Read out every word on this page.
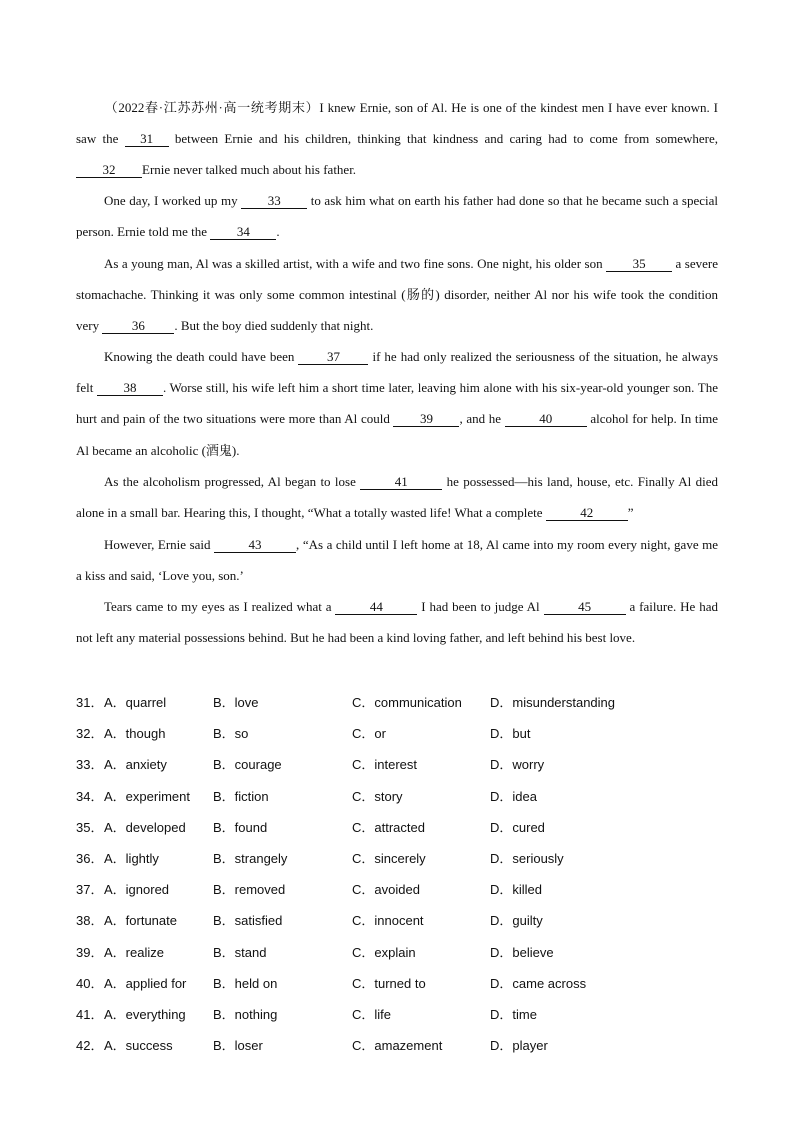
（2022春·江苏苏州·高一统考期末）I knew Ernie, son of Al. He is one of the kindest men I have ever known. I saw the 31 between Ernie and his children, thinking that kindness and caring had to come from somewhere, 32 Ernie never talked much about his father.

One day, I worked up my 33 to ask him what on earth his father had done so that he became such a special person. Ernie told me the 34 .

As a young man, Al was a skilled artist, with a wife and two fine sons. One night, his older son 35 a severe stomachache. Thinking it was only some common intestinal (肠的) disorder, neither Al nor his wife took the condition very 36 . But the boy died suddenly that night.

Knowing the death could have been 37 if he had only realized the seriousness of the situation, he always felt 38 . Worse still, his wife left him a short time later, leaving him alone with his six-year-old younger son. The hurt and pain of the two situations were more than Al could 39 , and he	40	alcohol for help. In time Al became an alcoholic (酒鬼).

As the alcoholism progressed, Al began to lose	41	he possessed—his land, house, etc. Finally Al died alone in a small bar. Hearing this, I thought, “What a totally wasted life! What a complete	42	”

However, Ernie said	43	, “As a child until I left home at 18, Al came into my room every night, gave me a kiss and said, ‘Love you, son.’

Tears came to my eyes as I realized what a	44	I had been to judge Al	45	a failure. He had not left any material possessions behind. But he had been a kind loving father, and left behind his best love.

31． A．quarrel	B．love	C．communication D．misunderstanding
32． A．though	B．so	C．or	D．but
33． A．anxiety	B．courage	C．interest	D．worry
34． A．experiment B．fiction	C．story	D．idea
35． A．developed B．found	C．attracted	D．cured
36． A．lightly	B．strangely	C．sincerely	D．seriously
37． A．ignored	B．removed	C．avoided	D．killed
38． A．fortunate	B．satisfied	C．innocent	D．guilty
39． A．realize	B．stand	C．explain	D．believe
40． A．applied for B．held on	C．turned to	D．came across
41． A．everything B．nothing	C．life	D．time
42． A．success	B．loser	C．amazement	D．player
